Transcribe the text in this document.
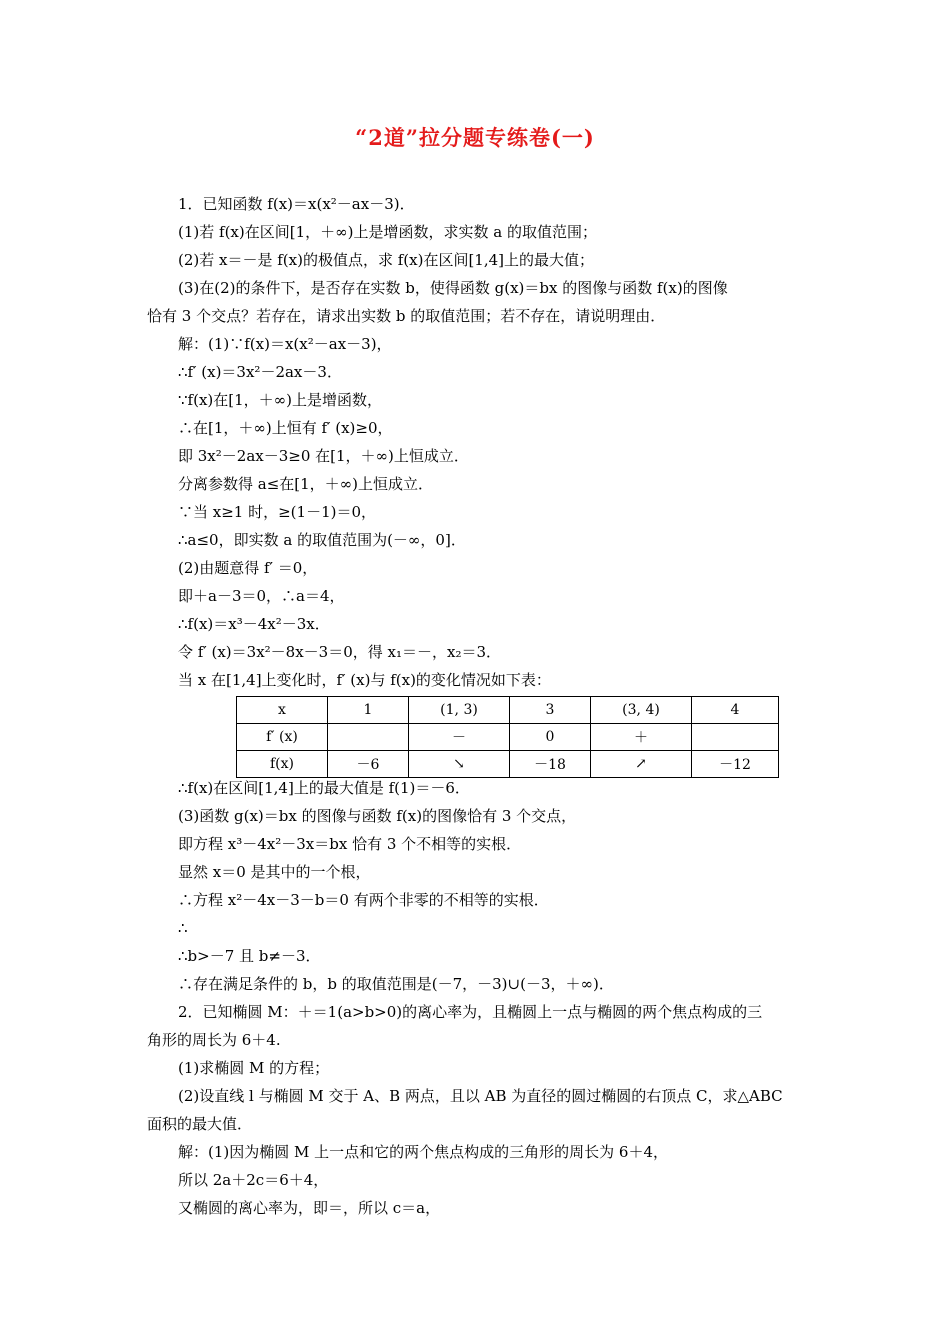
“2道”拉分题专练卷(一)
1．已知函数 f(x)＝x(x²－ax－3)．
(1)若 f(x)在区间[1，＋∞)上是增函数，求实数 a 的取值范围；
(2)若 x＝－是 f(x)的极值点，求 f(x)在区间[1,4]上的最大值；
(3)在(2)的条件下，是否存在实数 b，使得函数 g(x)＝bx 的图像与函数 f(x)的图像
恰有 3 个交点？若存在，请求出实数 b 的取值范围；若不存在，请说明理由．
解：(1)∵f(x)＝x(x²－ax－3)，
∴f′ (x)＝3x²－2ax－3．
∵f(x)在[1，＋∞)上是增函数，
∴在[1，＋∞)上恒有 f′ (x)≥0，
即 3x²－2ax－3≥0 在[1，＋∞)上恒成立．
分离参数得 a≤在[1，＋∞)上恒成立．
∵当 x≥1 时，≥(1－1)＝0，
∴a≤0，即实数 a 的取值范围为(－∞，0]．
(2)由题意得 f′ ＝0，
即＋a－3＝0，∴a＝4，
∴f(x)＝x³－4x²－3x．
令 f′ (x)＝3x²－8x－3＝0，得 x₁＝－，x₂＝3．
当 x 在[1,4]上变化时，f′ (x)与 f(x)的变化情况如下表：
x	1	(1, 3)	3	(3, 4)	4
f′ (x)		－	0	＋	
f(x)	－6	↘	－18	↗	－12
∴f(x)在区间[1,4]上的最大值是 f(1)＝－6．
(3)函数 g(x)＝bx 的图像与函数 f(x)的图像恰有 3 个交点，
即方程 x³－4x²－3x＝bx 恰有 3 个不相等的实根．
显然 x＝0 是其中的一个根，
∴方程 x²－4x－3－b＝0 有两个非零的不相等的实根．
∴
∴b>－7 且 b≠－3．
∴存在满足条件的 b，b 的取值范围是(－7，－3)∪(－3，＋∞)．
2．已知椭圆 M：＋＝1(a>b>0)的离心率为，且椭圆上一点与椭圆的两个焦点构成的三
角形的周长为 6＋4.
(1)求椭圆 M 的方程；
(2)设直线 l 与椭圆 M 交于 A、B 两点，且以 AB 为直径的圆过椭圆的右顶点 C，求△ABC
面积的最大值．
解：(1)因为椭圆 M 上一点和它的两个焦点构成的三角形的周长为 6＋4，
所以 2a＋2c＝6＋4，
又椭圆的离心率为，即＝，所以 c＝a，
